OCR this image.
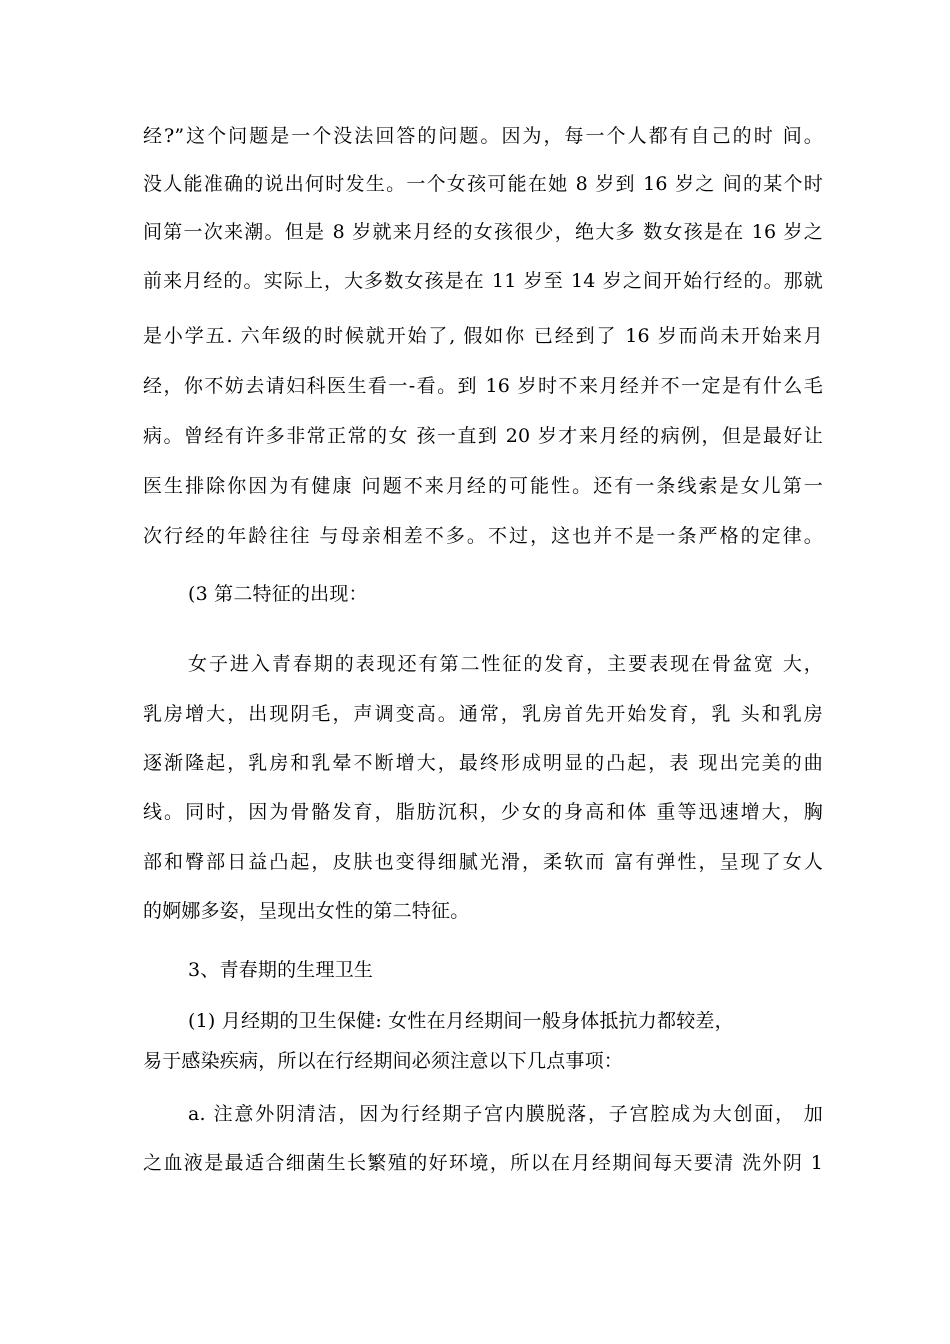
经?”这个问题是一个没法回答的问题。因为，每一个人都有自己的时 间。
没人能准确的说出何时发生。一个女孩可能在她 8 岁到 16 岁之 间的某个时
间第一次来潮。但是 8 岁就来月经的女孩很少，绝大多 数女孩是在 16 岁之
前来月经的。实际上，大多数女孩是在 11 岁至 14 岁之间开始行经的。那就
是小学五. 六年级的时候就开始了, 假如你 已经到了 16 岁而尚未开始来月
经，你不妨去请妇科医生看一-看。到 16 岁时不来月经并不一定是有什么毛
病。曾经有许多非常正常的女 孩一直到 20 岁才来月经的病例，但是最好让
医生排除你因为有健康 问题不来月经的可能性。还有一条线索是女儿第一
次行经的年龄往往 与母亲相差不多。不过，这也并不是一条严格的定律。
(3 第二特征的出现：
女子进入青春期的表现还有第二性征的发育，主要表现在骨盆宽 大，
乳房增大，出现阴毛，声调变高。通常，乳房首先开始发育，乳 头和乳房
逐渐隆起，乳房和乳晕不断增大，最终形成明显的凸起，表 现出完美的曲
线。同时，因为骨骼发育，脂肪沉积，少女的身高和体 重等迅速增大，胸
部和臀部日益凸起，皮肤也变得细腻光滑，柔软而 富有弹性，呈现了女人
的婀娜多姿，呈现出女性的第二特征。
3、青春期的生理卫生
(1) 月经期的卫生保健: 女性在月经期间一般身体抵抗力都较差，
易于感染疾病，所以在行经期间必须注意以下几点事项：
a. 注意外阴清洁，因为行经期子宫内膜脱落，子宫腔成为大创面， 加
之血液是最适合细菌生长繁殖的好环境，所以在月经期间每天要清 洗外阴 1
